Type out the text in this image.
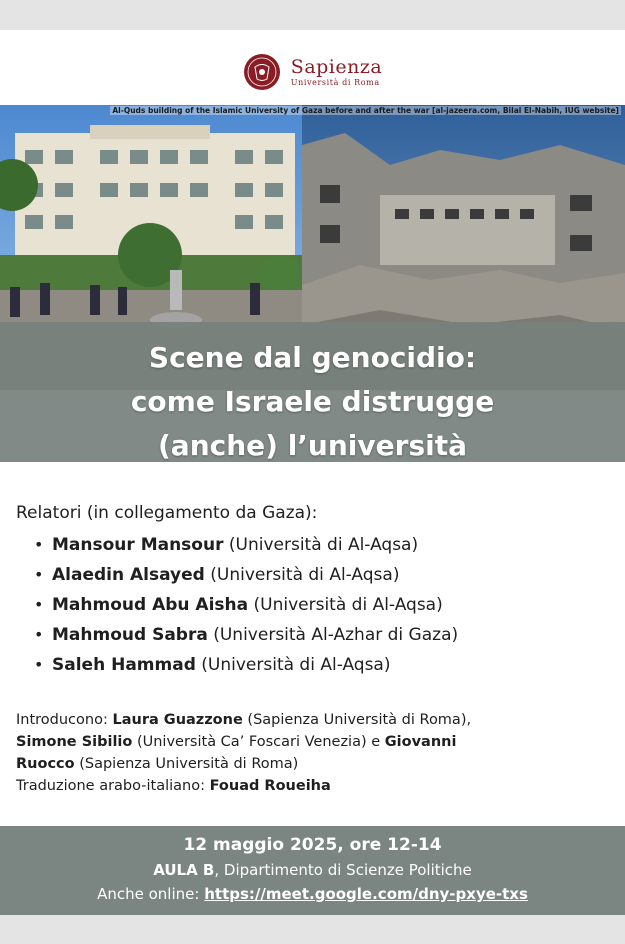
Sapienza
Università di Roma
Al-Quds building of the Islamic University of Gaza before and after the war [al-jazeera.com, Bilal El-Nabih, IUG website]
Scene dal genocidio:
come Israele distrugge
(anche) l’università
Relatori (in collegamento da Gaza):
• Mansour Mansour (Università di Al-Aqsa)
• Alaedin Alsayed (Università di Al-Aqsa)
• Mahmoud Abu Aisha (Università di Al-Aqsa)
• Mahmoud Sabra (Università Al-Azhar di Gaza)
• Saleh Hammad (Università di Al-Aqsa)
Introducono: Laura Guazzone (Sapienza Università di Roma),
Simone Sibilio (Università Ca’ Foscari Venezia) e Giovanni
Ruocco (Sapienza Università di Roma)
Traduzione arabo-italiano: Fouad Roueiha
12 maggio 2025, ore 12-14
AULA B, Dipartimento di Scienze Politiche
Anche online: https://meet.google.com/dny-pxye-txs
